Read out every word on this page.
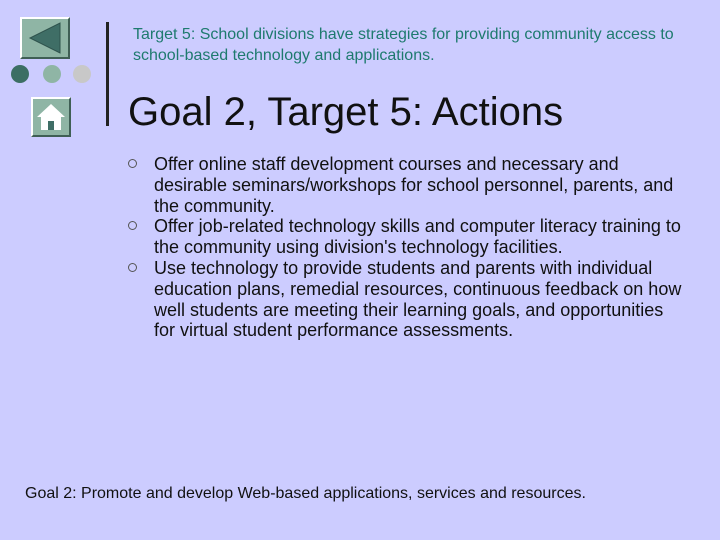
Target 5: School divisions have strategies for providing community access to school-based technology and applications.

Goal 2, Target 5: Actions
Offer online staff development courses and necessary and desirable seminars/workshops for school personnel, parents, and the community.
Offer job-related technology skills and computer literacy training to the community using division's technology facilities.
Use technology to provide students and parents with individual education plans, remedial resources, continuous feedback on how well students are meeting their learning goals, and opportunities for virtual student performance assessments.

Goal 2: Promote and develop Web-based applications, services and resources.
